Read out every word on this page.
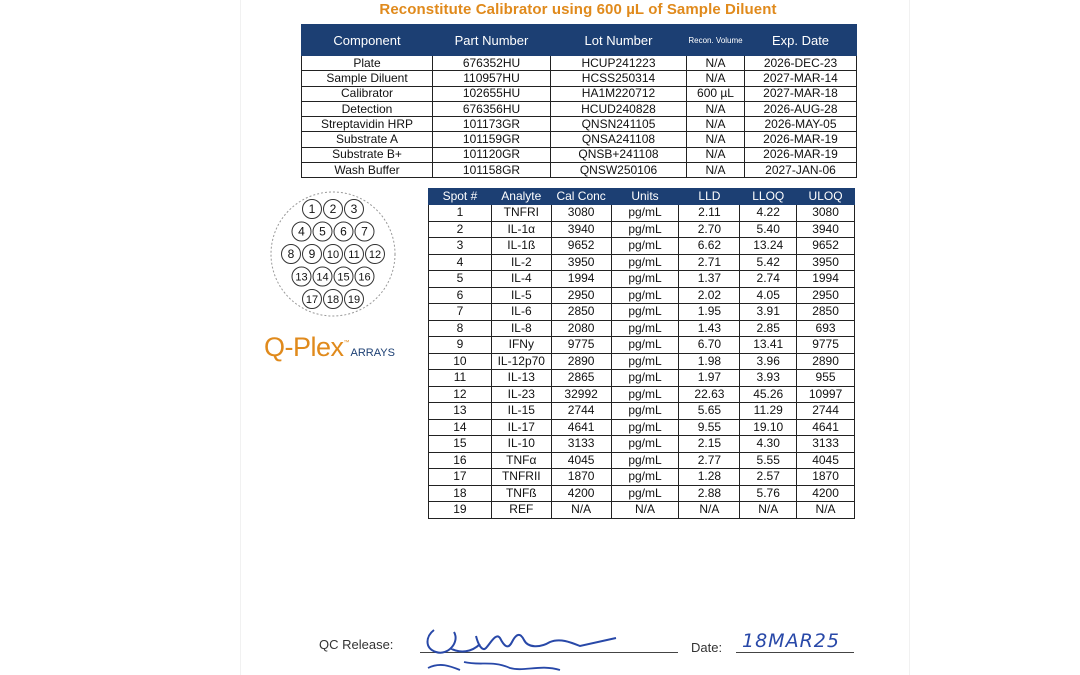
Reconstitute Calibrator using 600 µL of Sample Diluent
Component	Part Number	Lot Number	Recon. Volume	Exp. Date
Plate	676352HU	HCUP241223	N/A	2026-DEC-23
Sample Diluent	110957HU	HCSS250314	N/A	2027-MAR-14
Calibrator	102655HU	HA1M220712	600 µL	2027-MAR-18
Detection	676356HU	HCUD240828	N/A	2026-AUG-28
Streptavidin HRP	101173GR	QNSN241105	N/A	2026-MAY-05
Substrate A	101159GR	QNSA241108	N/A	2026-MAR-19
Substrate B+	101120GR	QNSB+241108	N/A	2026-MAR-19
Wash Buffer	101158GR	QNSW250106	N/A	2027-JAN-06
1 2 3
4 5 6 7
8 9 10 11 12
13 14 15 16
17 18 19
Q-Plex™ARRAYS
Spot #	Analyte	Cal Conc	Units	LLD	LLOQ	ULOQ
1	TNFRI	3080	pg/mL	2.11	4.22	3080
2	IL-1α	3940	pg/mL	2.70	5.40	3940
3	IL-1ß	9652	pg/mL	6.62	13.24	9652
4	IL-2	3950	pg/mL	2.71	5.42	3950
5	IL-4	1994	pg/mL	1.37	2.74	1994
6	IL-5	2950	pg/mL	2.02	4.05	2950
7	IL-6	2850	pg/mL	1.95	3.91	2850
8	IL-8	2080	pg/mL	1.43	2.85	693
9	IFNy	9775	pg/mL	6.70	13.41	9775
10	IL-12p70	2890	pg/mL	1.98	3.96	2890
11	IL-13	2865	pg/mL	1.97	3.93	955
12	IL-23	32992	pg/mL	22.63	45.26	10997
13	IL-15	2744	pg/mL	5.65	11.29	2744
14	IL-17	4641	pg/mL	9.55	19.10	4641
15	IL-10	3133	pg/mL	2.15	4.30	3133
16	TNFα	4045	pg/mL	2.77	5.55	4045
17	TNFRII	1870	pg/mL	1.28	2.57	1870
18	TNFß	4200	pg/mL	2.88	5.76	4200
19	REF	N/A	N/A	N/A	N/A	N/A
QC Release:	Date: 18MAR25
